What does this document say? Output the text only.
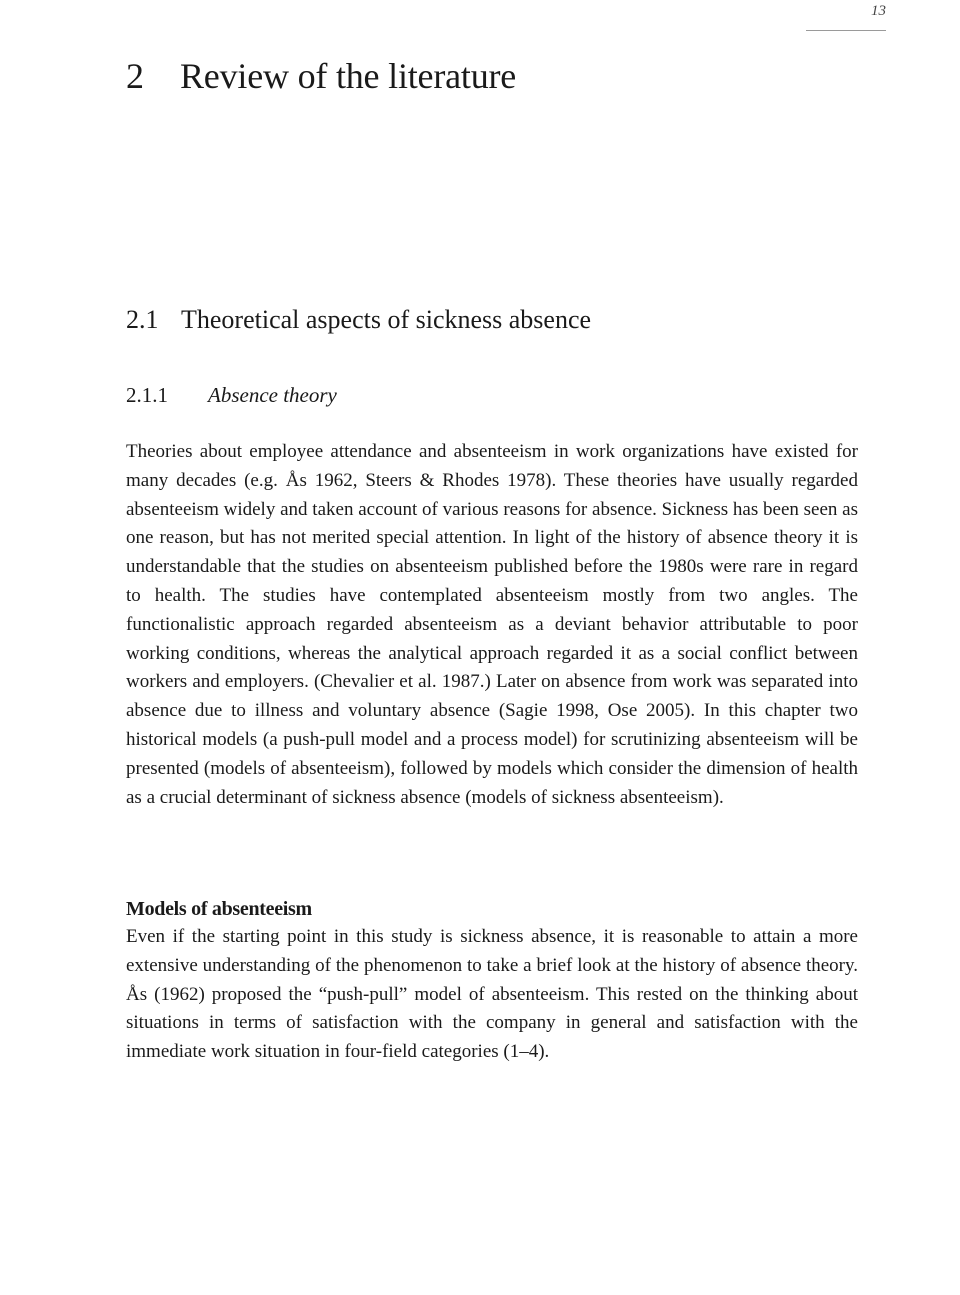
13
2 Review of the literature
2.1 Theoretical aspects of sickness absence
2.1.1 Absence theory

Theories about employee attendance and absenteeism in work organizations have existed for many decades (e.g. Ås 1962, Steers & Rhodes 1978). These theories have usually regarded absenteeism widely and taken account of various reasons for absence. Sickness has been seen as one reason, but has not merited special attention. In light of the history of absence theory it is understandable that the studies on absenteeism published before the 1980s were rare in regard to health. The studies have contemplated absenteeism mostly from two angles. The functionalistic approach regarded absenteeism as a deviant behavior attributable to poor working conditions, whereas the analytical approach regarded it as a social conflict between workers and employers. (Chevalier et al. 1987.) Later on absence from work was separated into absence due to illness and voluntary absence (Sagie 1998, Ose 2005). In this chapter two historical models (a push-pull model and a process model) for scrutinizing absenteeism will be presented (models of absenteeism), followed by models which consider the dimension of health as a crucial determinant of sickness absence (models of sickness absenteeism).

Models of absenteeism

Even if the starting point in this study is sickness absence, it is reasonable to attain a more extensive understanding of the phenomenon to take a brief look at the history of absence theory. Ås (1962) proposed the “push-pull” model of absenteeism. This rested on the thinking about situations in terms of satisfaction with the company in general and satisfaction with the immediate work situation in four-field categories (1–4).
